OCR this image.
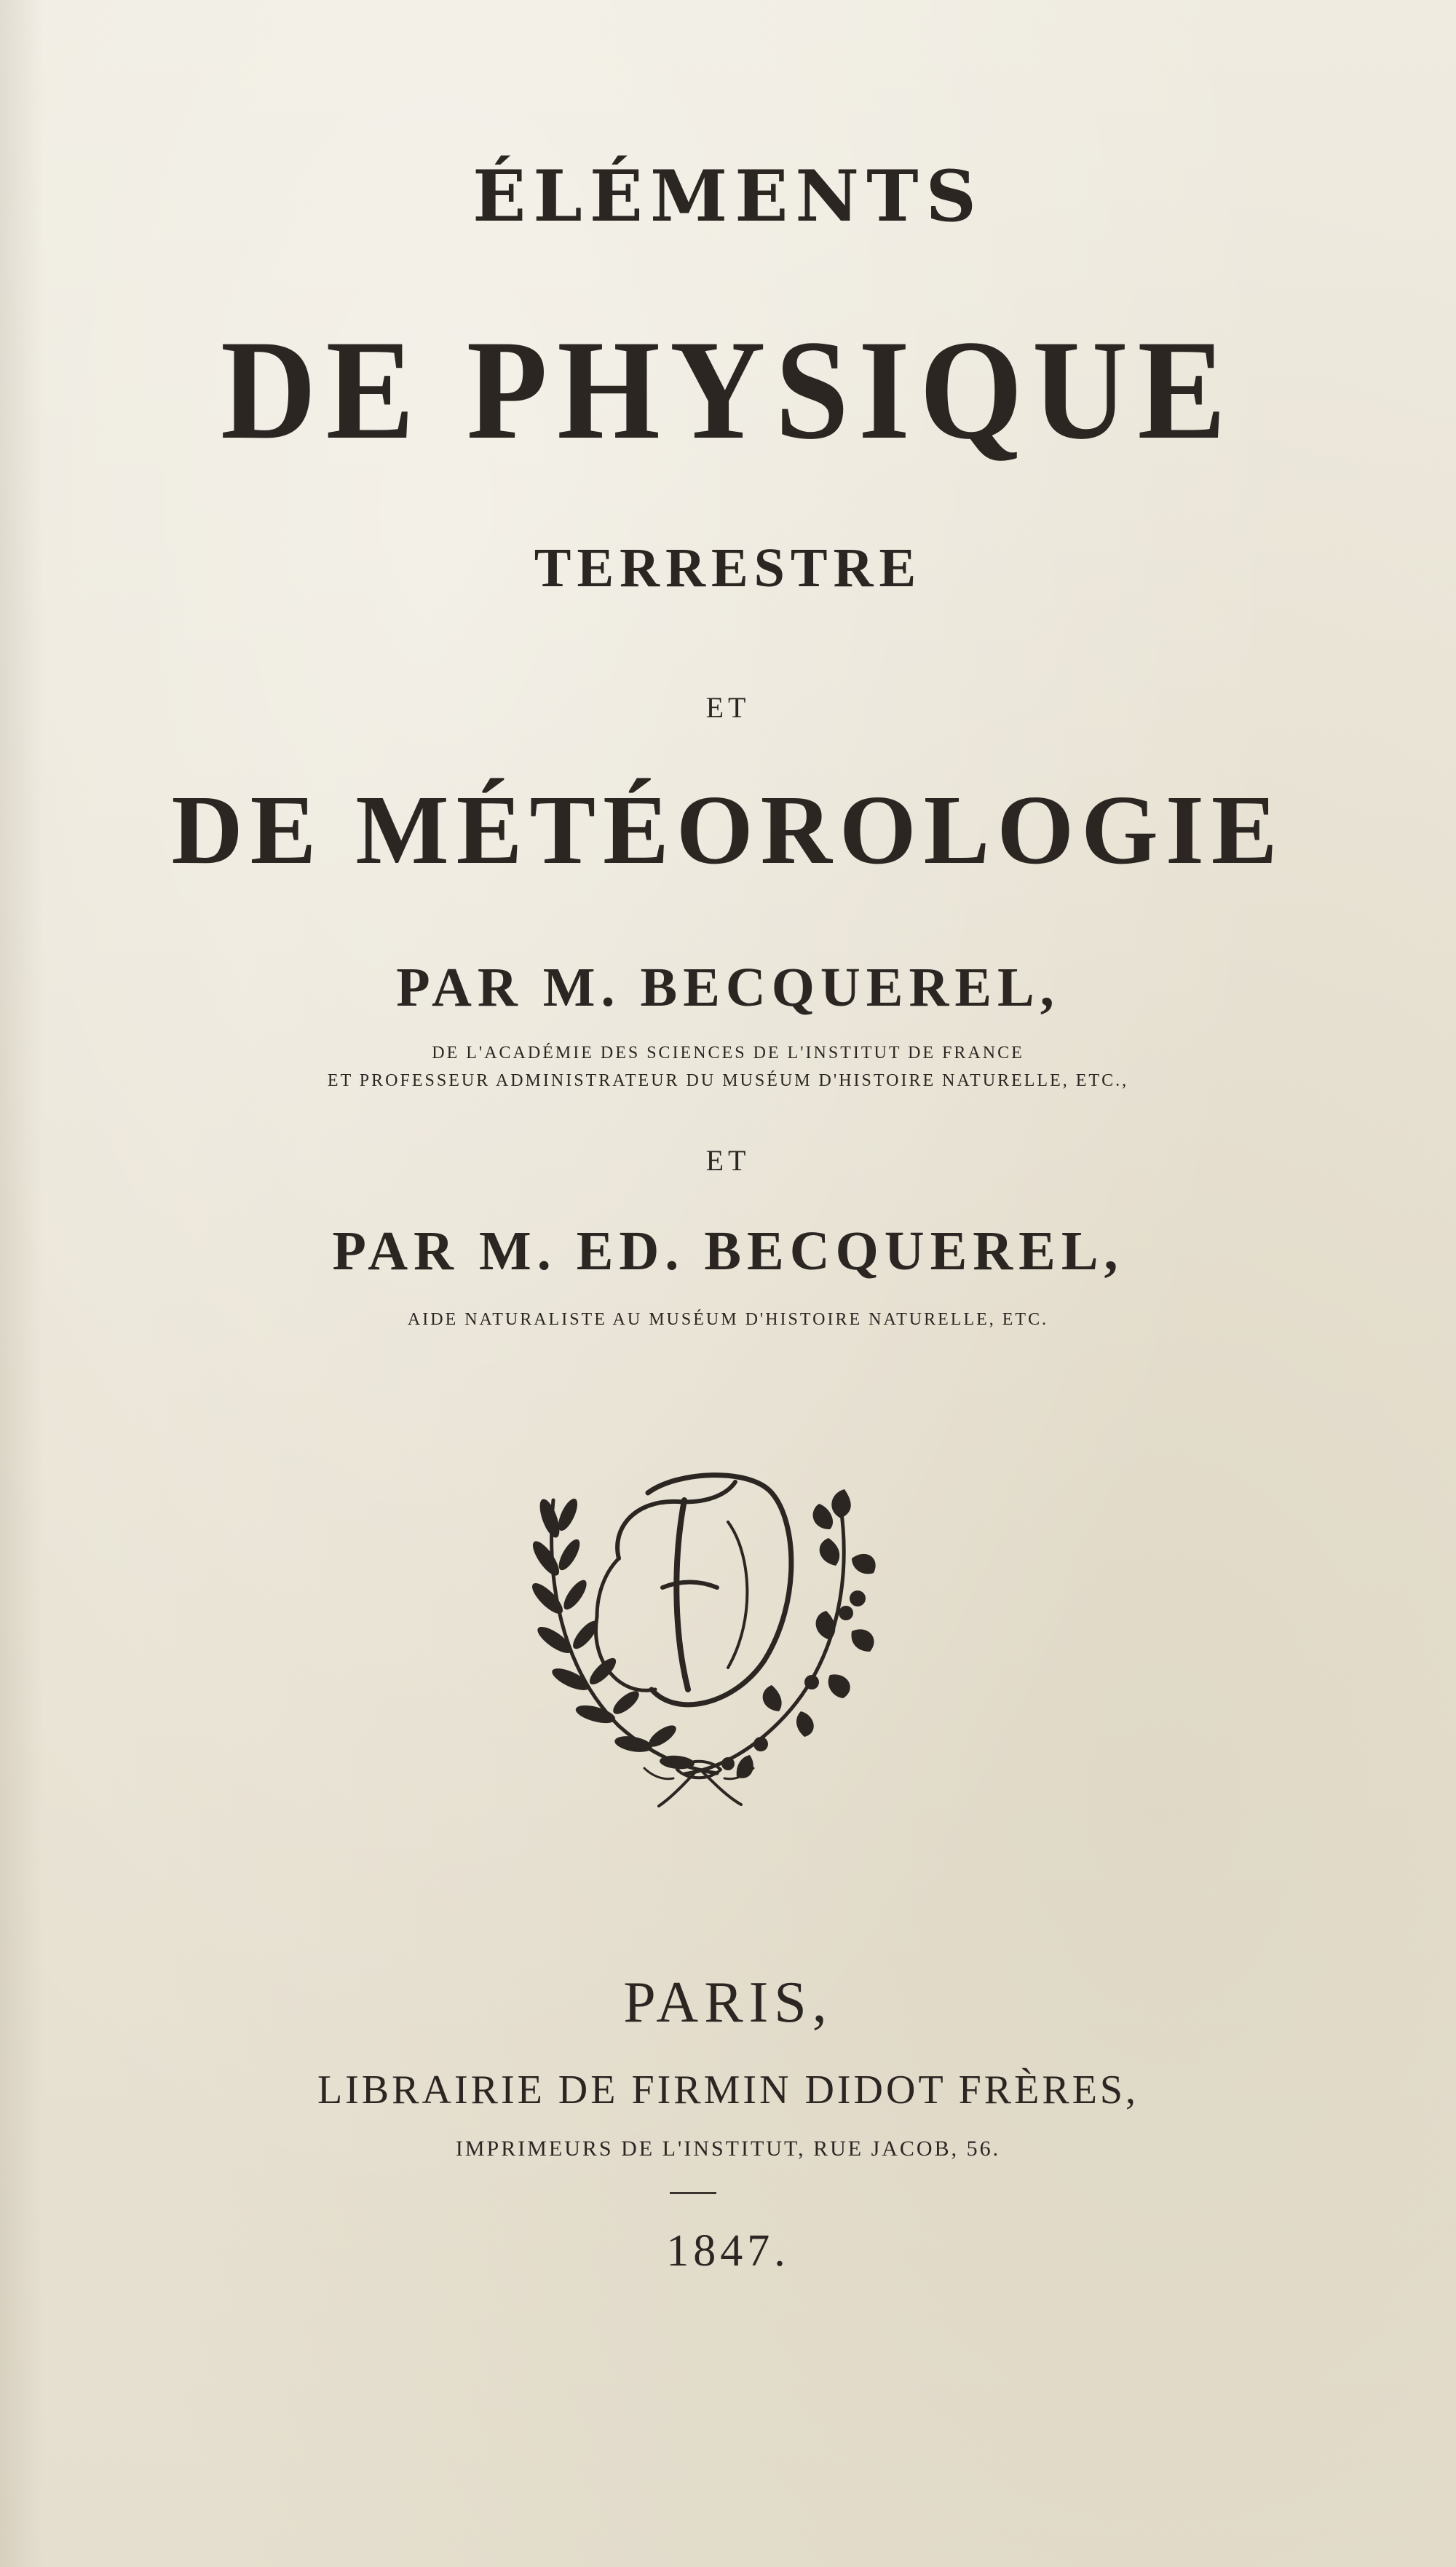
ÉLÉMENTS
DE PHYSIQUE
TERRESTRE
ET
DE MÉTÉOROLOGIE
PAR M. BECQUEREL,
DE L'ACADÉMIE DES SCIENCES DE L'INSTITUT DE FRANCE
ET PROFESSEUR ADMINISTRATEUR DU MUSÉUM D'HISTOIRE NATURELLE, ETC.,
ET
PAR M. ED. BECQUEREL,
AIDE NATURALISTE AU MUSÉUM D'HISTOIRE NATURELLE, ETC.
PARIS,
LIBRAIRIE DE FIRMIN DIDOT FRÈRES,
IMPRIMEURS DE L'INSTITUT, RUE JACOB, 56.
1847.
